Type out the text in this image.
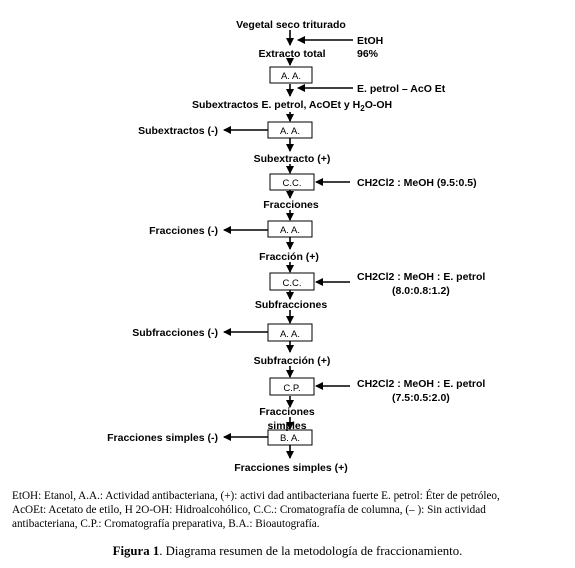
A. A.
A. A.
C.C.
A. A.
C.C.
A. A.
C.P.
B. A.
Vegetal seco triturado
EtOH
96%
Extracto total
E. petrol – AcO Et
Subextractos E. petrol, AcOEt y $H_2O-OH$
Subextractos (-)
Subextracto (+)
CH2Cl2 : MeOH (9.5:0.5)
Fracciones
Fracciones (-)
Fracción (+)
CH2Cl2 : MeOH : E. petrol
(8.0:0.8:1.2)
Subfracciones
Subfracciones (-)
Subfracción (+)
CH2Cl2 : MeOH : E. petrol
(7.5:0.5:2.0)
Fracciones
simples
Fracciones simples (-)
Fracciones simples (+)
EtOH: Etanol, A.A.: Actividad antibacteriana, (+): activi dad antibacteriana fuerte E. petrol: Éter de petróleo,
AcOEt: Acetato de etilo, H 2O-OH: Hidroalcohólico, C.C.: Cromatografía de columna, (– ): Sin actividad
antibacteriana, C.P.: Cromatografía preparativa, B.A.: Bioautografía.
Figura 1. Diagrama resumen de la metodología de fraccionamiento.
